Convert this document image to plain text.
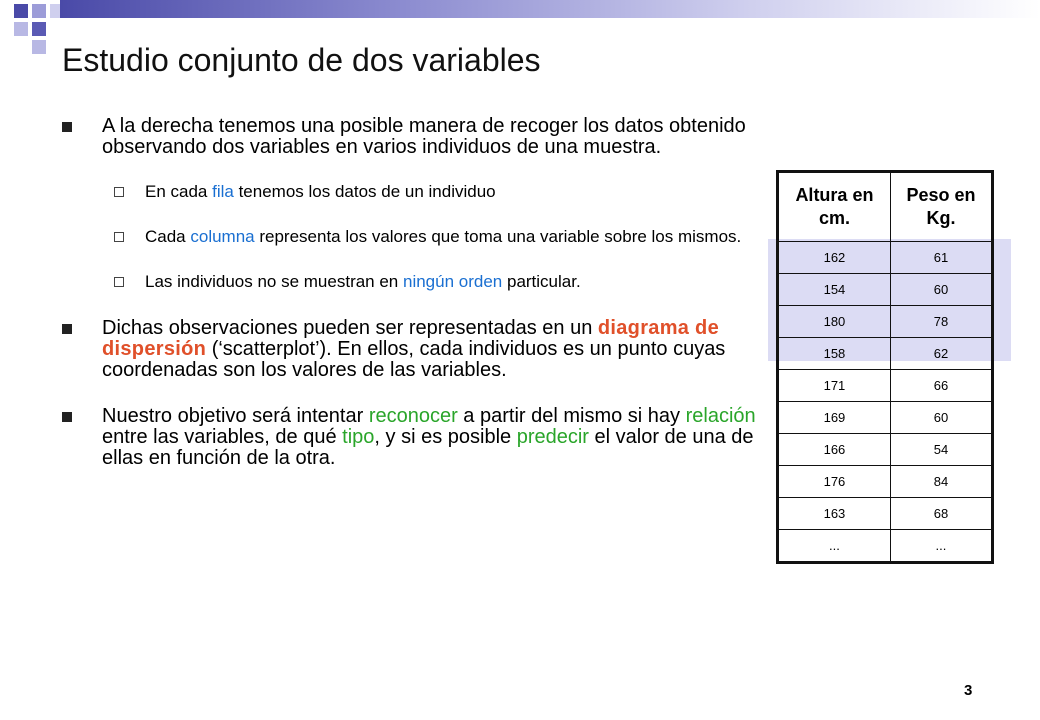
Estudio conjunto de dos variables
A la derecha tenemos una posible manera de recoger los datos obtenido observando dos variables en varios individuos de una muestra.
En cada fila tenemos los datos de un individuo
Cada columna representa los valores que toma una variable sobre los mismos.
Las individuos no se muestran en ningún orden particular.
Dichas observaciones pueden ser representadas en un diagrama de dispersión (‘scatterplot’). En ellos, cada individuos es un punto cuyas coordenadas son los valores de las variables.
Nuestro objetivo será intentar reconocer a partir del mismo si hay relación entre las variables, de qué tipo, y si es posible predecir el valor de una de ellas en función de la otra.
Altura en cm.	Peso en Kg.
162	61
154	60
180	78
158	62
171	66
169	60
166	54
176	84
163	68
...	...
3
